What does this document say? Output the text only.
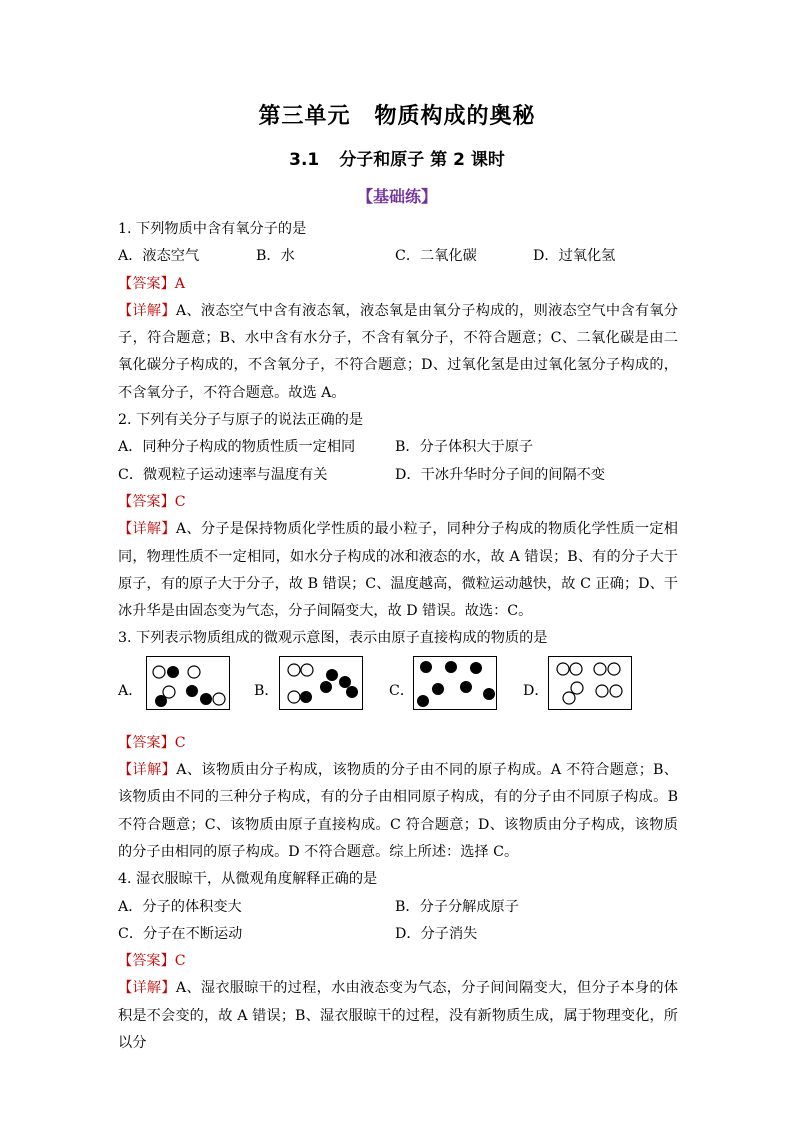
第三单元 物质构成的奥秘
3.1 分子和原子 第 2 课时
【基础练】
1. 下列物质中含有氧分子的是
A．液态空气	B．水	C．二氧化碳	D．过氧化氢
【答案】A
【详解】A、液态空气中含有液态氧，液态氧是由氧分子构成的，则液态空气中含有氧分子，符合题意；B、水中含有水分子，不含有氧分子，不符合题意；C、二氧化碳是由二氧化碳分子构成的，不含氧分子，不符合题意；D、过氧化氢是由过氧化氢分子构成的，不含氧分子，不符合题意。故选 A。
2. 下列有关分子与原子的说法正确的是
A．同种分子构成的物质性质一定相同	B．分子体积大于原子
C．微观粒子运动速率与温度有关	D．干冰升华时分子间的间隔不变
【答案】C
【详解】A、分子是保持物质化学性质的最小粒子，同种分子构成的物质化学性质一定相同，物理性质不一定相同，如水分子构成的冰和液态的水，故 A 错误；B、有的分子大于原子，有的原子大于分子，故 B 错误；C、温度越高，微粒运动越快，故 C 正确；D、干冰升华是由固态变为气态，分子间隔变大，故 D 错误。故选：C。
3. 下列表示物质组成的微观示意图，表示由原子直接构成的物质的是
A．	B．	C．	D．
【答案】C
【详解】A、该物质由分子构成，该物质的分子由不同的原子构成。A 不符合题意；B、该物质由不同的三种分子构成，有的分子由相同原子构成，有的分子由不同原子构成。B 不符合题意；C、该物质由原子直接构成。C 符合题意；D、该物质由分子构成，该物质的分子由相同的原子构成。D 不符合题意。综上所述：选择 C。
4. 湿衣服晾干，从微观角度解释正确的是
A．分子的体积变大	B．分子分解成原子
C．分子在不断运动	D．分子消失
【答案】C
【详解】A、湿衣服晾干的过程，水由液态变为气态，分子间间隔变大，但分子本身的体积是不会变的，故 A 错误；B、湿衣服晾干的过程，没有新物质生成，属于物理变化，所以分
